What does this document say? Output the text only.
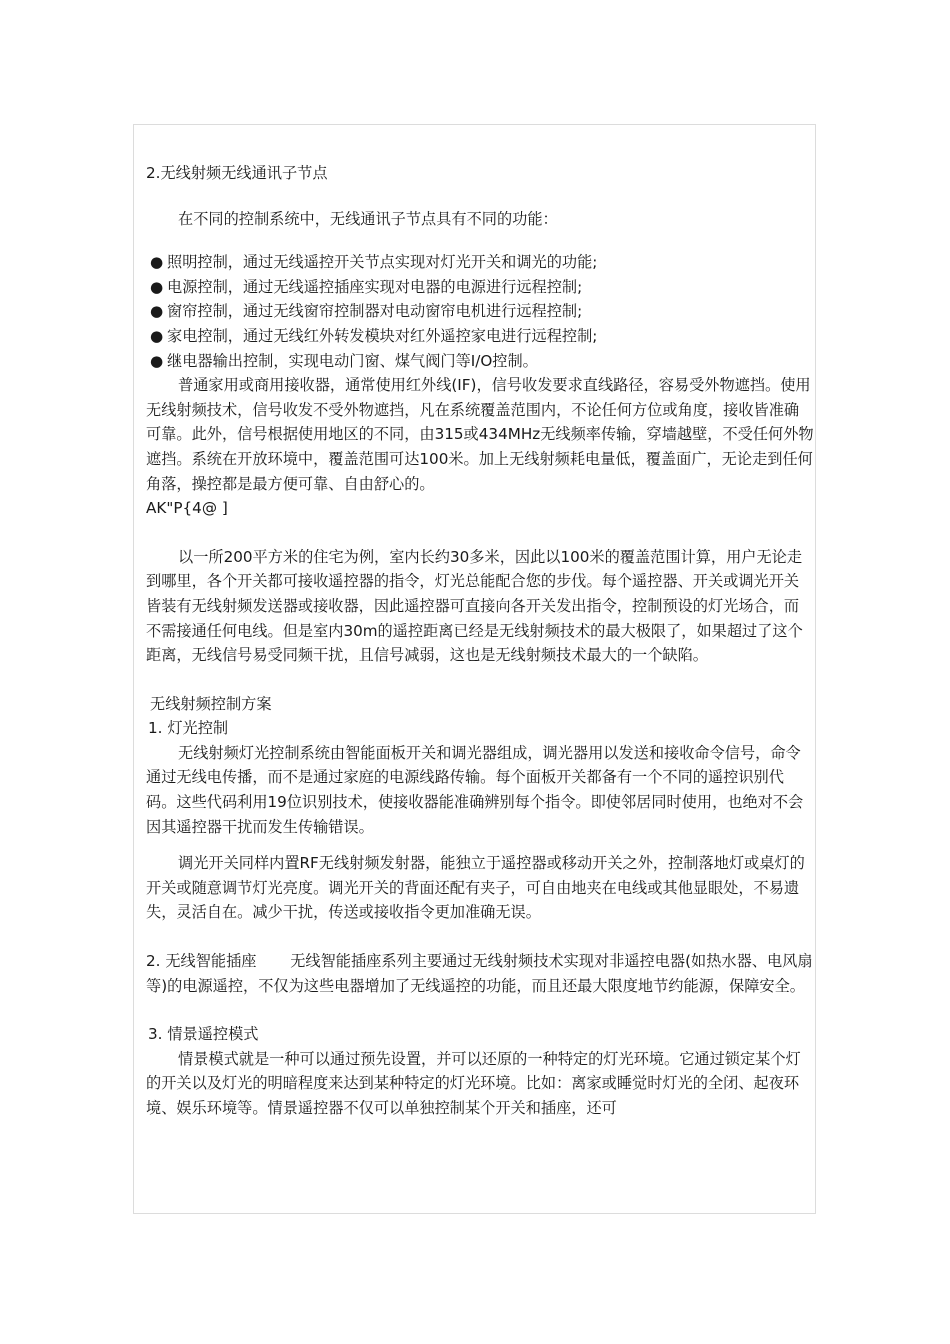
2.无线射频无线通讯子节点

在不同的控制系统中，无线通讯子节点具有不同的功能：

● 照明控制，通过无线遥控开关节点实现对灯光开关和调光的功能;
● 电源控制，通过无线遥控插座实现对电器的电源进行远程控制;
● 窗帘控制，通过无线窗帘控制器对电动窗帘电机进行远程控制;
● 家电控制，通过无线红外转发模块对红外遥控家电进行远程控制;
● 继电器输出控制，实现电动门窗、煤气阀门等I/O控制。

普通家用或商用接收器，通常使用红外线(IF)，信号收发要求直线路径，容易受外物遮挡。使用无线射频技术，信号收发不受外物遮挡，凡在系统覆盖范围内，不论任何方位或角度，接收皆准确可靠。此外，信号根据使用地区的不同，由315或434MHz无线频率传输，穿墙越壁，不受任何外物遮挡。系统在开放环境中，覆盖范围可达100米。加上无线射频耗电量低，覆盖面广，无论走到任何角落，操控都是最方便可靠、自由舒心的。

AK"P{4@ ]

以一所200平方米的住宅为例，室内长约30多米，因此以100米的覆盖范围计算，用户无论走到哪里，各个开关都可接收遥控器的指令，灯光总能配合您的步伐。每个遥控器、开关或调光开关皆装有无线射频发送器或接收器，因此遥控器可直接向各开关发出指令，控制预设的灯光场合，而不需接通任何电线。但是室内30m的遥控距离已经是无线射频技术的最大极限了，如果超过了这个距离，无线信号易受同频干扰，且信号减弱，这也是无线射频技术最大的一个缺陷。

无线射频控制方案

1. 灯光控制

无线射频灯光控制系统由智能面板开关和调光器组成，调光器用以发送和接收命令信号，命令通过无线电传播，而不是通过家庭的电源线路传输。每个面板开关都备有一个不同的遥控识别代码。这些代码利用19位识别技术，使接收器能准确辨别每个指令。即使邻居同时使用，也绝对不会因其遥控器干扰而发生传输错误。

调光开关同样内置RF无线射频发射器，能独立于遥控器或移动开关之外，控制落地灯或桌灯的开关或随意调节灯光亮度。调光开关的背面还配有夹子，可自由地夹在电线或其他显眼处，不易遗失，灵活自在。减少干扰，传送或接收指令更加准确无误。

2. 无线智能插座       无线智能插座系列主要通过无线射频技术实现对非遥控电器(如热水器、电风扇等)的电源遥控，不仅为这些电器增加了无线遥控的功能，而且还最大限度地节约能源，保障安全。

3. 情景遥控模式

情景模式就是一种可以通过预先设置，并可以还原的一种特定的灯光环境。它通过锁定某个灯的开关以及灯光的明暗程度来达到某种特定的灯光环境。比如：离家或睡觉时灯光的全闭、起夜环境、娱乐环境等。情景遥控器不仅可以单独控制某个开关和插座，还可
